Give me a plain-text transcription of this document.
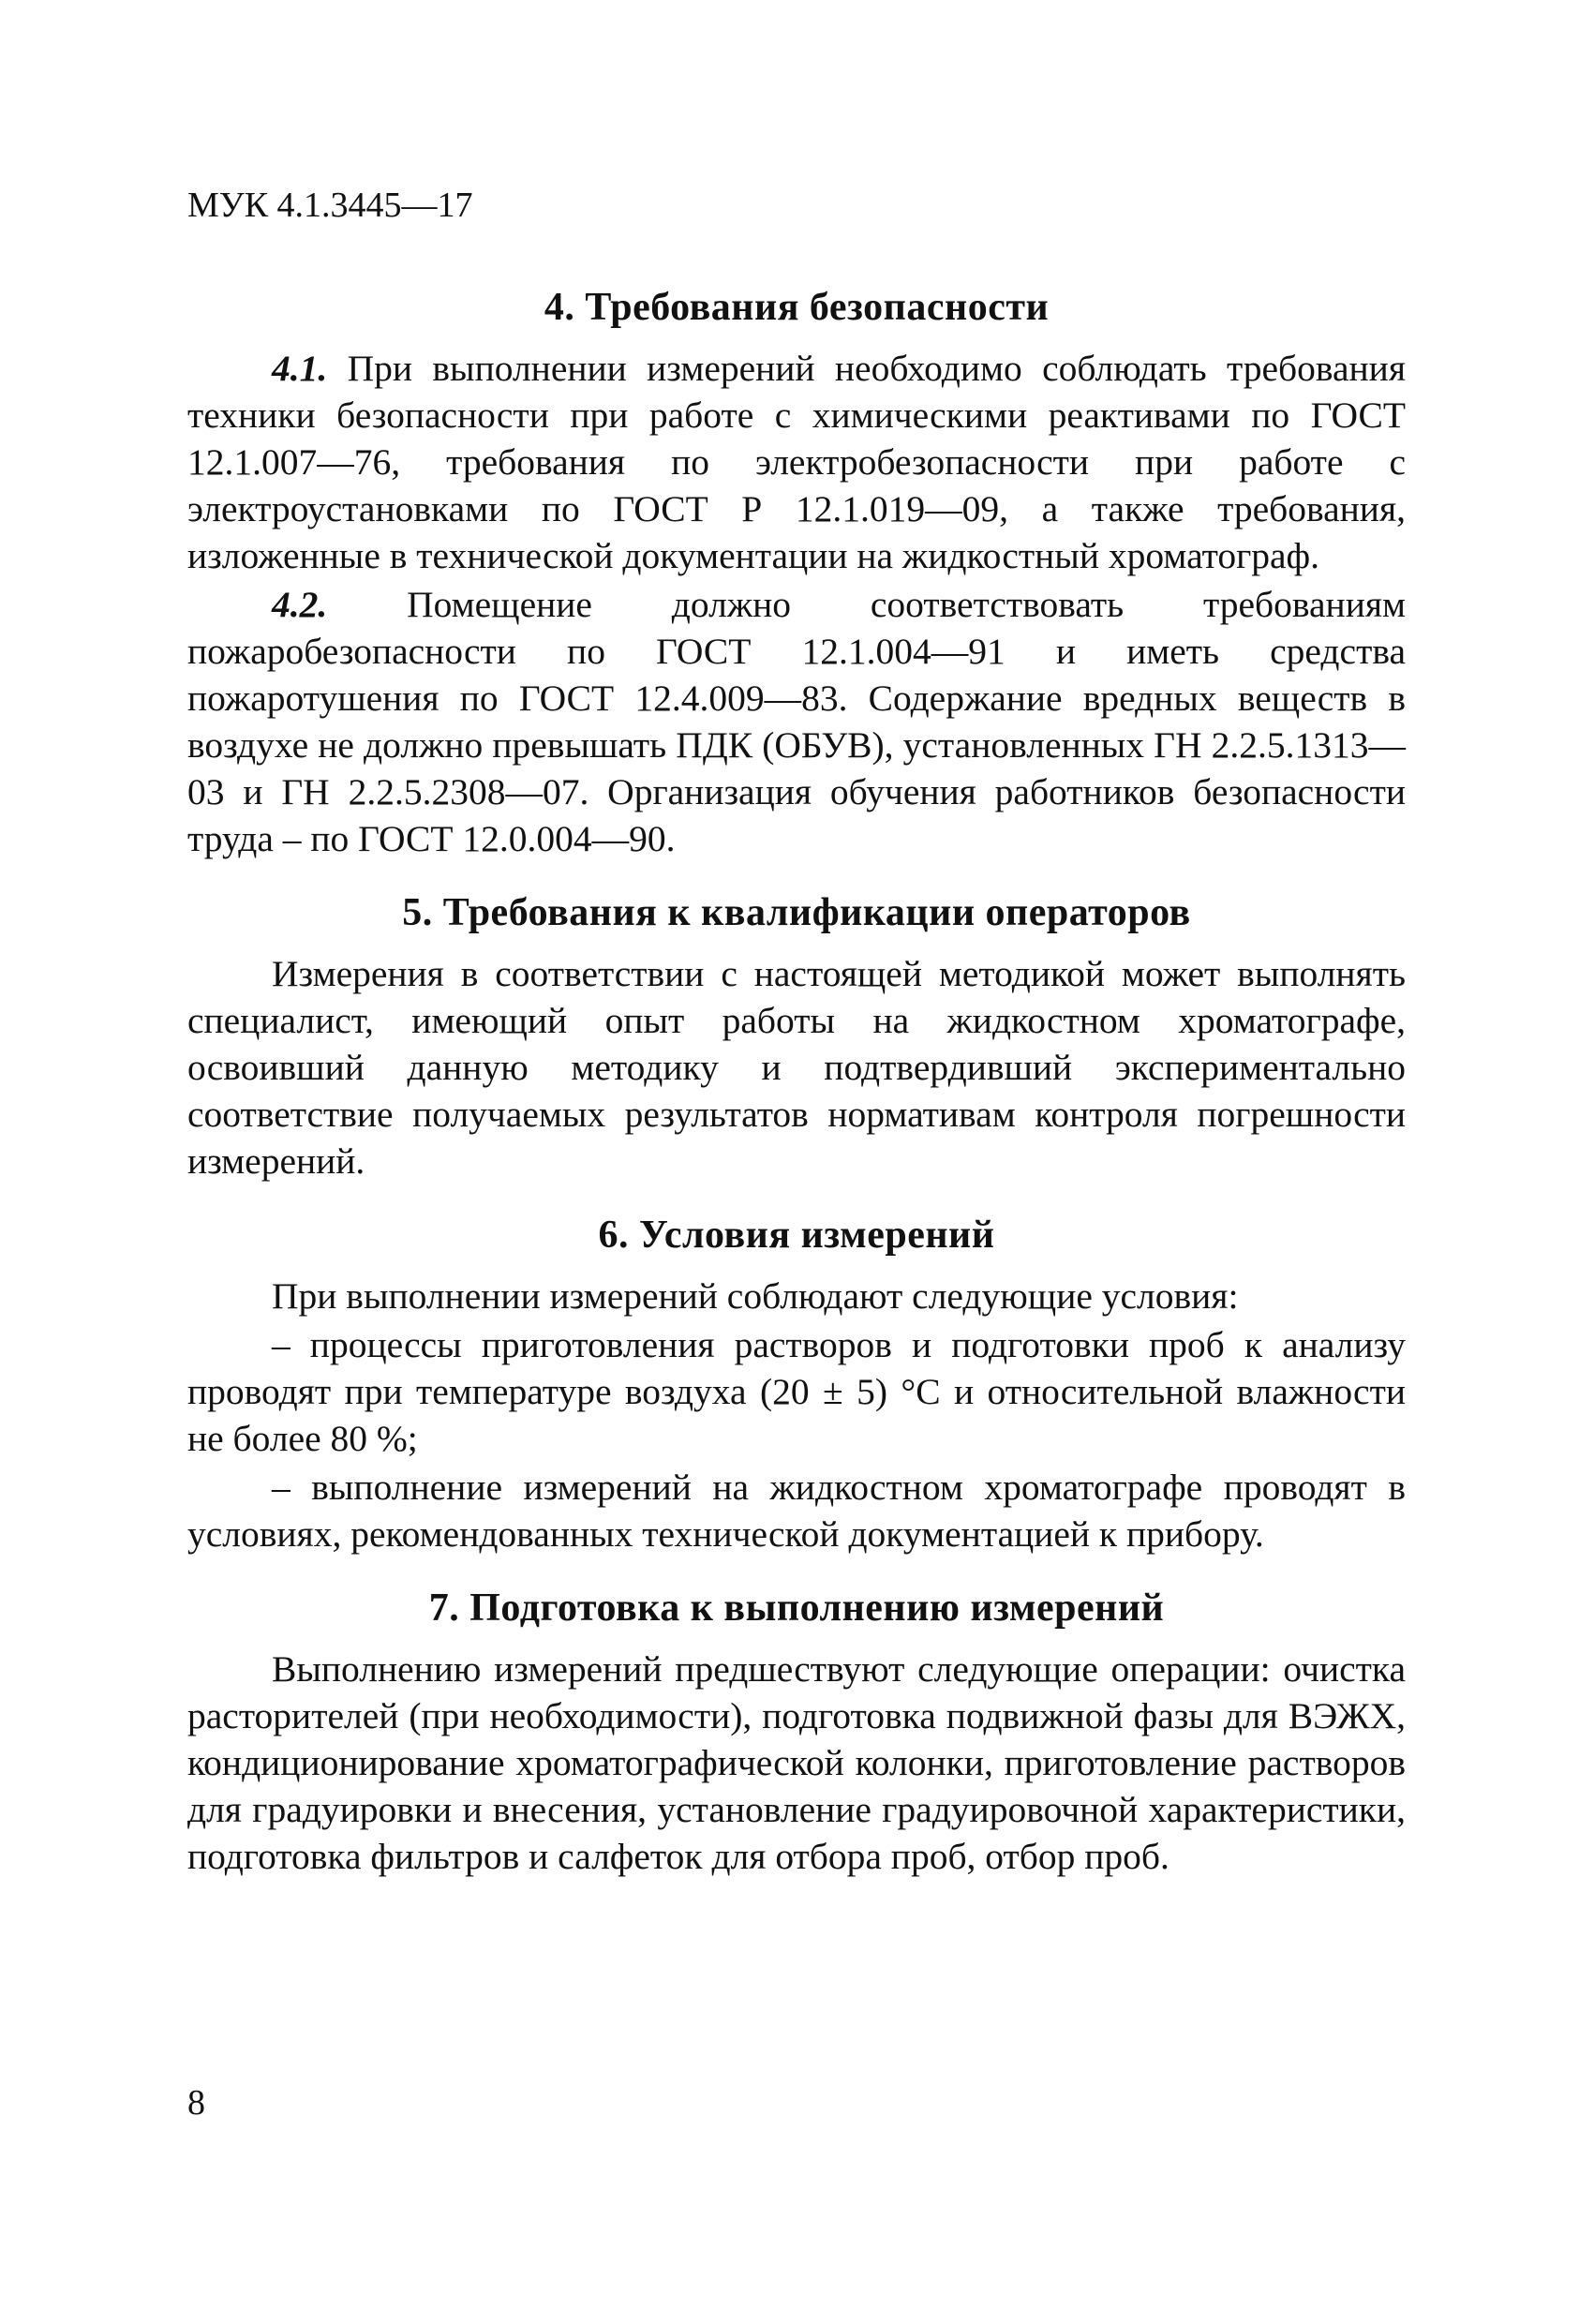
МУК 4.1.3445—17
4. Требования безопасности

4.1. При выполнении измерений необходимо соблюдать требования техники безопасности при работе с химическими реактивами по ГОСТ 12.1.007—76, требования по электробезопасности при работе с электроустановками по ГОСТ Р 12.1.019—09, а также требования, изложенные в технической документации на жидкостный хроматограф.

4.2. Помещение должно соответствовать требованиям пожаробезопасности по ГОСТ 12.1.004—91 и иметь средства пожаротушения по ГОСТ 12.4.009—83. Содержание вредных веществ в воздухе не должно превышать ПДК (ОБУВ), установленных ГН 2.2.5.1313—03 и ГН 2.2.5.2308—07. Организация обучения работников безопасности труда – по ГОСТ 12.0.004—90.

5. Требования к квалификации операторов

Измерения в соответствии с настоящей методикой может выполнять специалист, имеющий опыт работы на жидкостном хроматографе, освоивший данную методику и подтвердивший экспериментально соответствие получаемых результатов нормативам контроля погрешности измерений.

6. Условия измерений

При выполнении измерений соблюдают следующие условия:

– процессы приготовления растворов и подготовки проб к анализу проводят при температуре воздуха (20 ± 5) °С и относительной влажности не более 80 %;

– выполнение измерений на жидкостном хроматографе проводят в условиях, рекомендованных технической документацией к прибору.

7. Подготовка к выполнению измерений

Выполнению измерений предшествуют следующие операции: очистка расторителей (при необходимости), подготовка подвижной фазы для ВЭЖХ, кондиционирование хроматографической колонки, приготовление растворов для градуировки и внесения, установление градуировочной характеристики, подготовка фильтров и салфеток для отбора проб, отбор проб.

8
